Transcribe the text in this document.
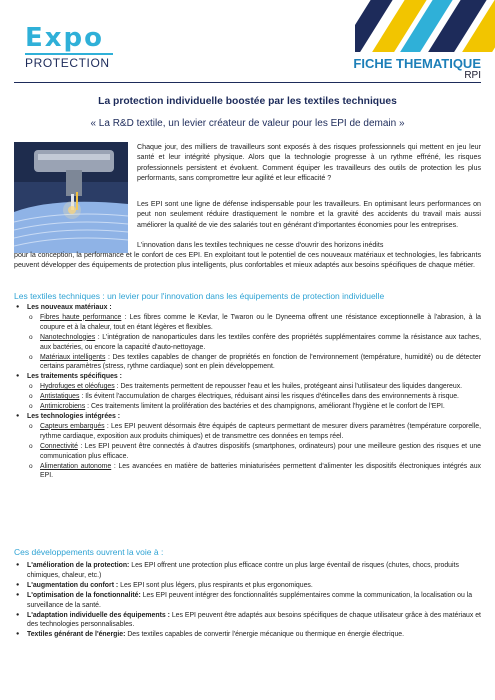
Expo
PROTECTION	FICHE THEMATIQUE
RPI
La protection individuelle boostée par les textiles techniques
« La R&D textile, un levier créateur de valeur pour les EPI de demain »

Chaque jour, des milliers de travailleurs sont exposés à des risques professionnels qui mettent en jeu leur santé et leur intégrité physique. Alors que la technologie progresse à un rythme effréné, les risques professionnels persistent et évoluent. Comment équiper les travailleurs des outils de protection les plus performants, sans compromettre leur agilité et leur efficacité ?

Les EPI sont une ligne de défense indispensable pour les travailleurs. En optimisant leurs performances on peut non seulement réduire drastiquement le nombre et la gravité des accidents du travail mais aussi améliorer la qualité de vie des salariés tout en générant d'importantes économies pour les entreprises.

L'innovation dans les textiles techniques ne cesse d'ouvrir des horizons inédits

pour la conception, la performance et le confort de ces EPI. En exploitant tout le potentiel de ces nouveaux matériaux et technologies, les fabricants peuvent développer des équipements de protection plus intelligents, plus confortables et mieux adaptés aux besoins spécifiques de chaque métier.

Les textiles techniques : un levier pour l'innovation dans les équipements de protection individuelle
● Les nouveaux matériaux :
o Fibres haute performance : Les fibres comme le Kevlar, le Twaron ou le Dyneema offrent une résistance exceptionnelle à l'abrasion, à la coupure et à la chaleur, tout en étant légères et flexibles.
o Nanotechnologies : L'intégration de nanoparticules dans les textiles confère des propriétés supplémentaires comme la résistance aux taches, aux bactéries, ou encore la capacité d'auto-nettoyage.
o Matériaux intelligents : Des textiles capables de changer de propriétés en fonction de l'environnement (température, humidité) ou de détecter certains paramètres (stress, rythme cardiaque) sont en plein développement.
● Les traitements spécifiques :
o Hydrofuges et oléofuges : Des traitements permettent de repousser l'eau et les huiles, protégeant ainsi l'utilisateur des liquides dangereux.
o Antistatiques : Ils évitent l'accumulation de charges électriques, réduisant ainsi les risques d'étincelles dans des environnements à risque.
o Antimicrobiens : Ces traitements limitent la prolifération des bactéries et des champignons, améliorant l'hygiène et le confort de l'EPI.
● Les technologies intégrées :
o Capteurs embarqués : Les EPI peuvent désormais être équipés de capteurs permettant de mesurer divers paramètres (température corporelle, rythme cardiaque, exposition aux produits chimiques) et de transmettre ces données en temps réel.
o Connectivité : Les EPI peuvent être connectés à d'autres dispositifs (smartphones, ordinateurs) pour une meilleure gestion des risques et une communication plus efficace.
o Alimentation autonome : Les avancées en matière de batteries miniaturisées permettent d'alimenter les dispositifs électroniques intégrés aux EPI.
Ces développements ouvrent la voie à :
● L'amélioration de la protection: Les EPI offrent une protection plus efficace contre un plus large éventail de risques (chutes, chocs, produits chimiques, chaleur, etc.)
● L'augmentation du confort : Les EPI sont plus légers, plus respirants et plus ergonomiques.
● L'optimisation de la fonctionnalité: Les EPI peuvent intégrer des fonctionnalités supplémentaires comme la communication, la localisation ou la surveillance de la santé.
● L'adaptation individuelle des équipements : Les EPI peuvent être adaptés aux besoins spécifiques de chaque utilisateur grâce à des matériaux et des technologies personnalisables.
● Textiles générant de l'énergie: Des textiles capables de convertir l'énergie mécanique ou thermique en énergie électrique.
